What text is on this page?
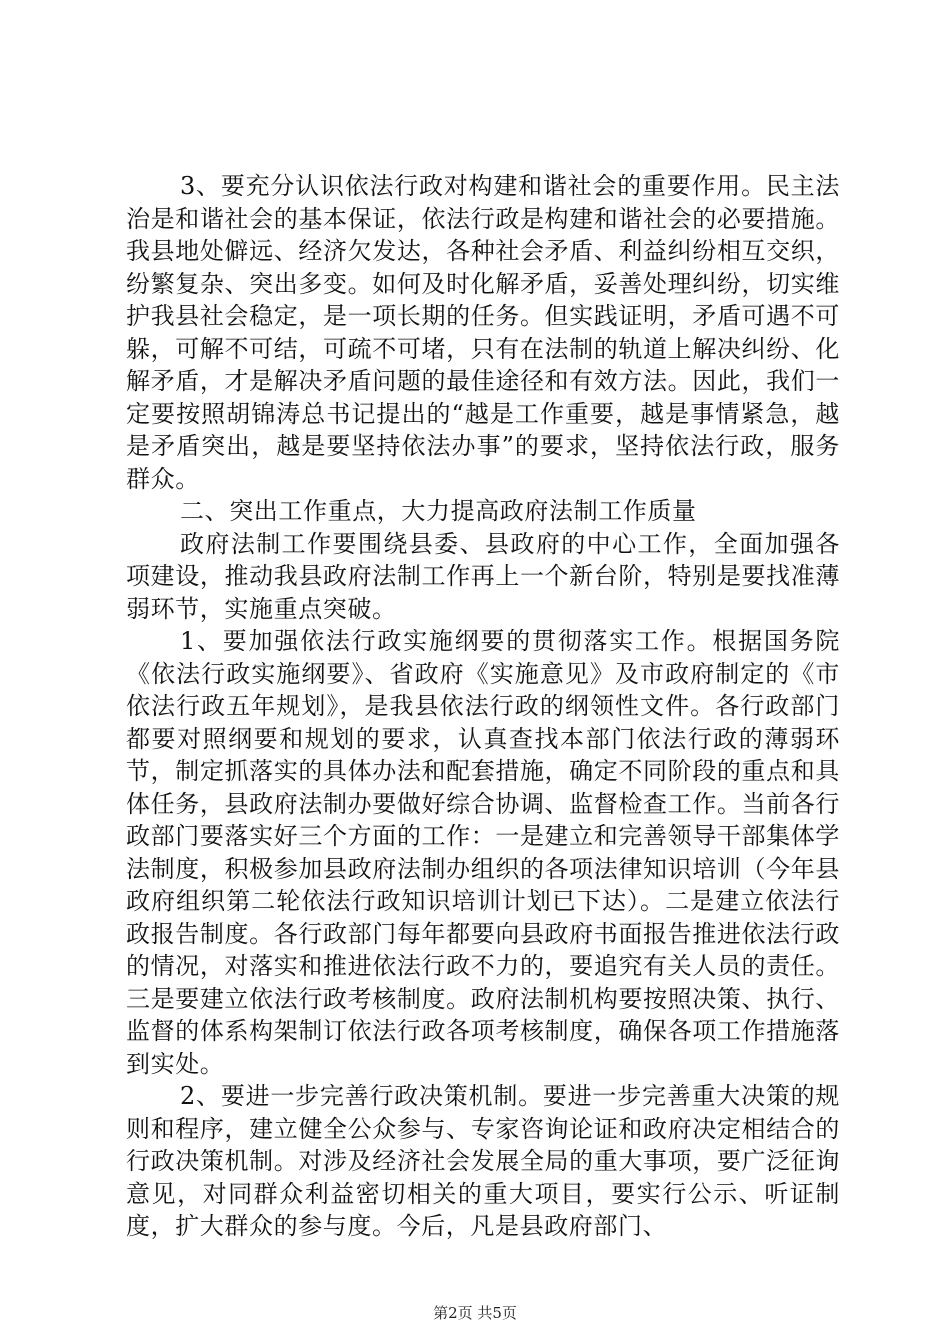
3、要充分认识依法行政对构建和谐社会的重要作用。民主法治是和谐社会的基本保证，依法行政是构建和谐社会的必要措施。我县地处僻远、经济欠发达，各种社会矛盾、利益纠纷相互交织，纷繁复杂、突出多变。如何及时化解矛盾，妥善处理纠纷，切实维护我县社会稳定，是一项长期的任务。但实践证明，矛盾可遇不可躲，可解不可结，可疏不可堵，只有在法制的轨道上解决纠纷、化解矛盾，才是解决矛盾问题的最佳途径和有效方法。因此，我们一定要按照胡锦涛总书记提出的“越是工作重要，越是事情紧急，越是矛盾突出，越是要坚持依法办事”的要求，坚持依法行政，服务群众。

二、突出工作重点，大力提高政府法制工作质量

政府法制工作要围绕县委、县政府的中心工作，全面加强各项建设，推动我县政府法制工作再上一个新台阶，特别是要找准薄弱环节，实施重点突破。

1、要加强依法行政实施纲要的贯彻落实工作。根据国务院《依法行政实施纲要》、省政府《实施意见》及市政府制定的《市依法行政五年规划》，是我县依法行政的纲领性文件。各行政部门都要对照纲要和规划的要求，认真查找本部门依法行政的薄弱环节，制定抓落实的具体办法和配套措施，确定不同阶段的重点和具体任务，县政府法制办要做好综合协调、监督检查工作。当前各行政部门要落实好三个方面的工作：一是建立和完善领导干部集体学法制度，积极参加县政府法制办组织的各项法律知识培训（今年县政府组织第二轮依法行政知识培训计划已下达）。二是建立依法行政报告制度。各行政部门每年都要向县政府书面报告推进依法行政的情况，对落实和推进依法行政不力的，要追究有关人员的责任。三是要建立依法行政考核制度。政府法制机构要按照决策、执行、监督的体系构架制订依法行政各项考核制度，确保各项工作措施落到实处。

2、要进一步完善行政决策机制。要进一步完善重大决策的规则和程序，建立健全公众参与、专家咨询论证和政府决定相结合的行政决策机制。对涉及经济社会发展全局的重大事项，要广泛征询意见，对同群众利益密切相关的重大项目，要实行公示、听证制度，扩大群众的参与度。今后，凡是县政府部门、

第2页 共5页
